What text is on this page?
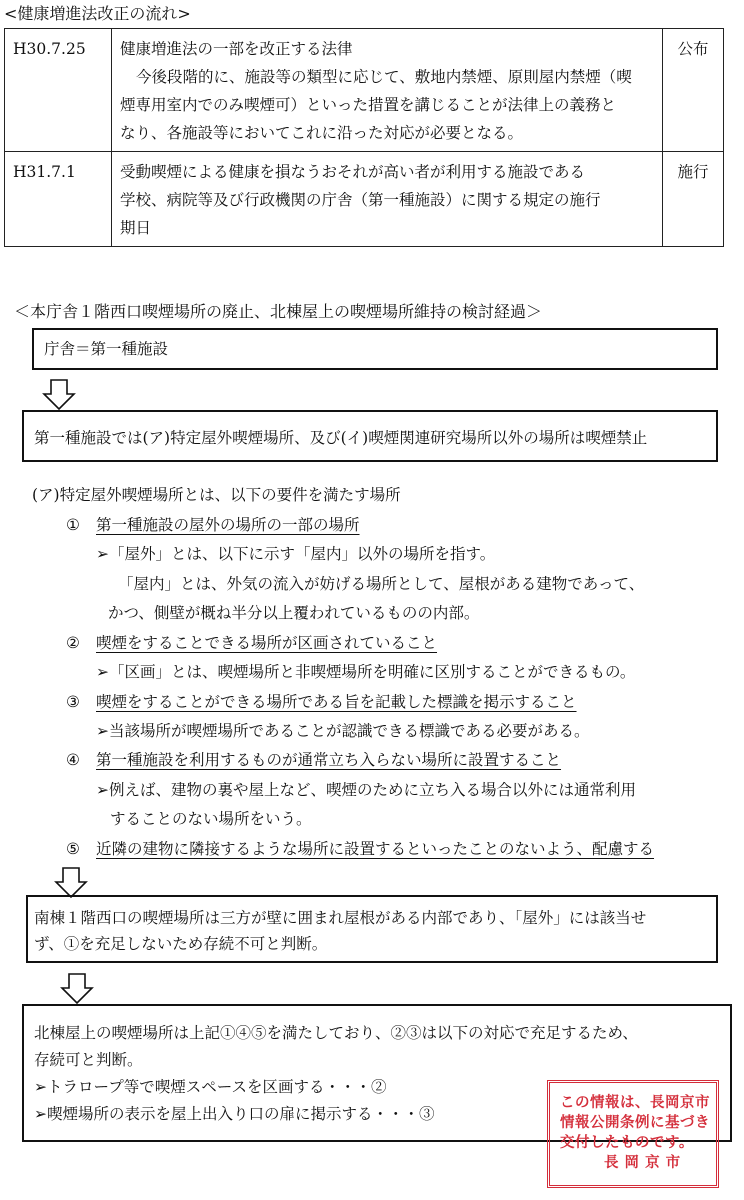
<健康増進法改正の流れ>
H30.7.25	健康増進法の一部を改正する法律
今後段階的に、施設等の類型に応じて、敷地内禁煙、原則屋内禁煙（喫
煙専用室内でのみ喫煙可）といった措置を講じることが法律上の義務と
なり、各施設等においてこれに沿った対応が必要となる。	公布
H31.7.1	受動喫煙による健康を損なうおそれが高い者が利用する施設である
学校、病院等及び行政機関の庁舎（第一種施設）に関する規定の施行
期日	施行
＜本庁舎１階西口喫煙場所の廃止、北棟屋上の喫煙場所維持の検討経過＞
庁舎＝第一種施設
第一種施設では(ア)特定屋外喫煙場所、及び(イ)喫煙関連研究場所以外の場所は喫煙禁止
(ア)特定屋外喫煙場所とは、以下の要件を満たす場所
① 第一種施設の屋外の場所の一部の場所
➢「屋外」とは、以下に示す「屋内」以外の場所を指す。
「屋内」とは、外気の流入が妨げる場所として、屋根がある建物であって、
かつ、側壁が概ね半分以上覆われているものの内部。
② 喫煙をすることできる場所が区画されていること
➢「区画」とは、喫煙場所と非喫煙場所を明確に区別することができるもの。
③ 喫煙をすることができる場所である旨を記載した標識を掲示すること
➢当該場所が喫煙場所であることが認識できる標識である必要がある。
④ 第一種施設を利用するものが通常立ち入らない場所に設置すること
➢例えば、建物の裏や屋上など、喫煙のために立ち入る場合以外には通常利用
することのない場所をいう。
⑤ 近隣の建物に隣接するような場所に設置するといったことのないよう、配慮する
南棟１階西口の喫煙場所は三方が壁に囲まれ屋根がある内部であり、「屋外」には該当せ
ず、①を充足しないため存続不可と判断。
北棟屋上の喫煙場所は上記①④⑤を満たしており、②③は以下の対応で充足するため、
存続可と判断。
➢トラロープ等で喫煙スペースを区画する・・・②
➢喫煙場所の表示を屋上出入り口の扉に掲示する・・・③
この情報は、長岡京市
情報公開条例に基づき
交付したものです。
長 岡 京 市
